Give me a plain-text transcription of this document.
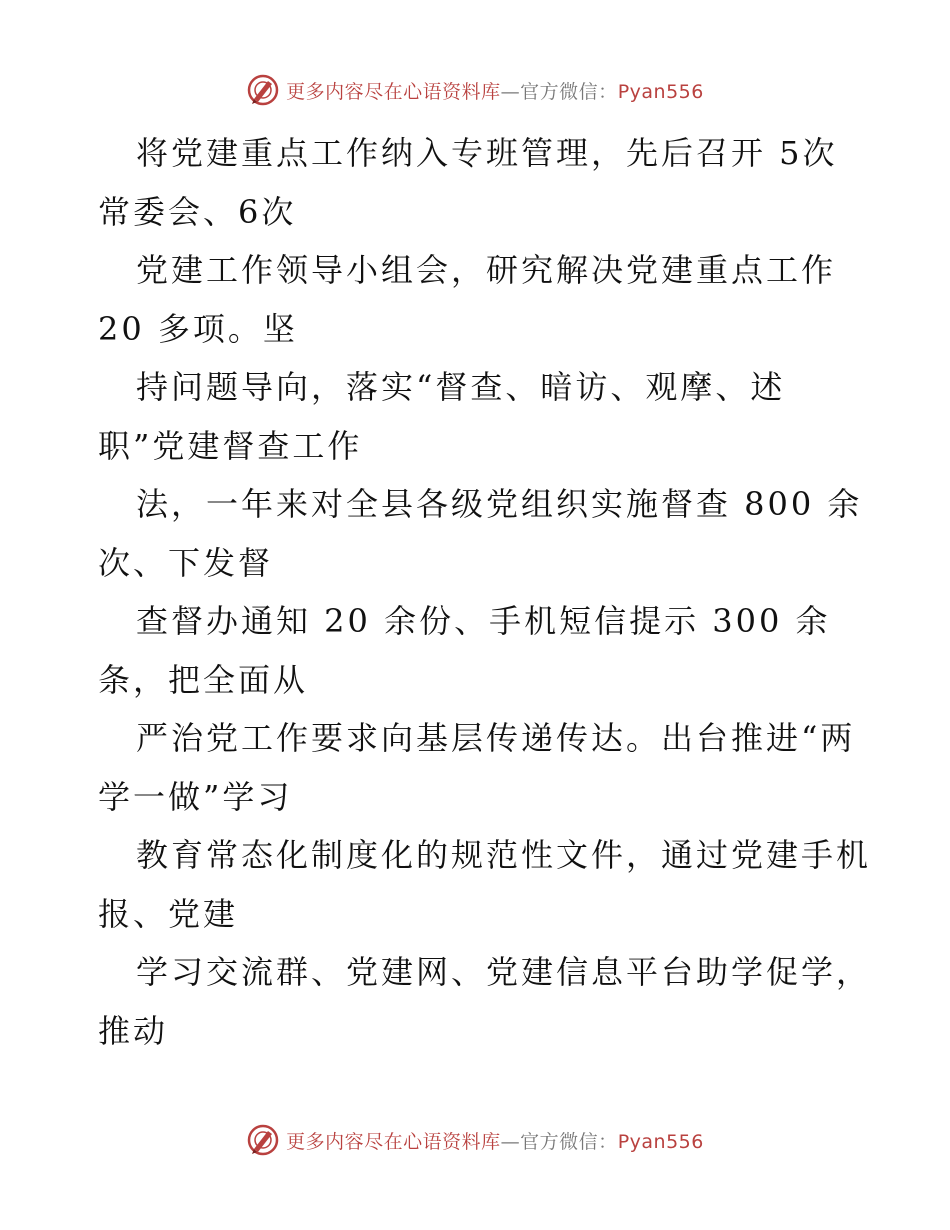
更多内容尽在心语资料库—官方微信：Pyan556
将党建重点工作纳入专班管理，先后召开 5次
常委会、6次
党建工作领导小组会，研究解决党建重点工作
20 多项。坚
持问题导向，落实“督查、暗访、观摩、述
职”党建督查工作
法，一年来对全县各级党组织实施督查 800 余
次、下发督
查督办通知 20 余份、手机短信提示 300 余
条，把全面从
严治党工作要求向基层传递传达。出台推进“两
学一做”学习
教育常态化制度化的规范性文件，通过党建手机
报、党建
学习交流群、党建网、党建信息平台助学促学，
推动
更多内容尽在心语资料库—官方微信：Pyan556
